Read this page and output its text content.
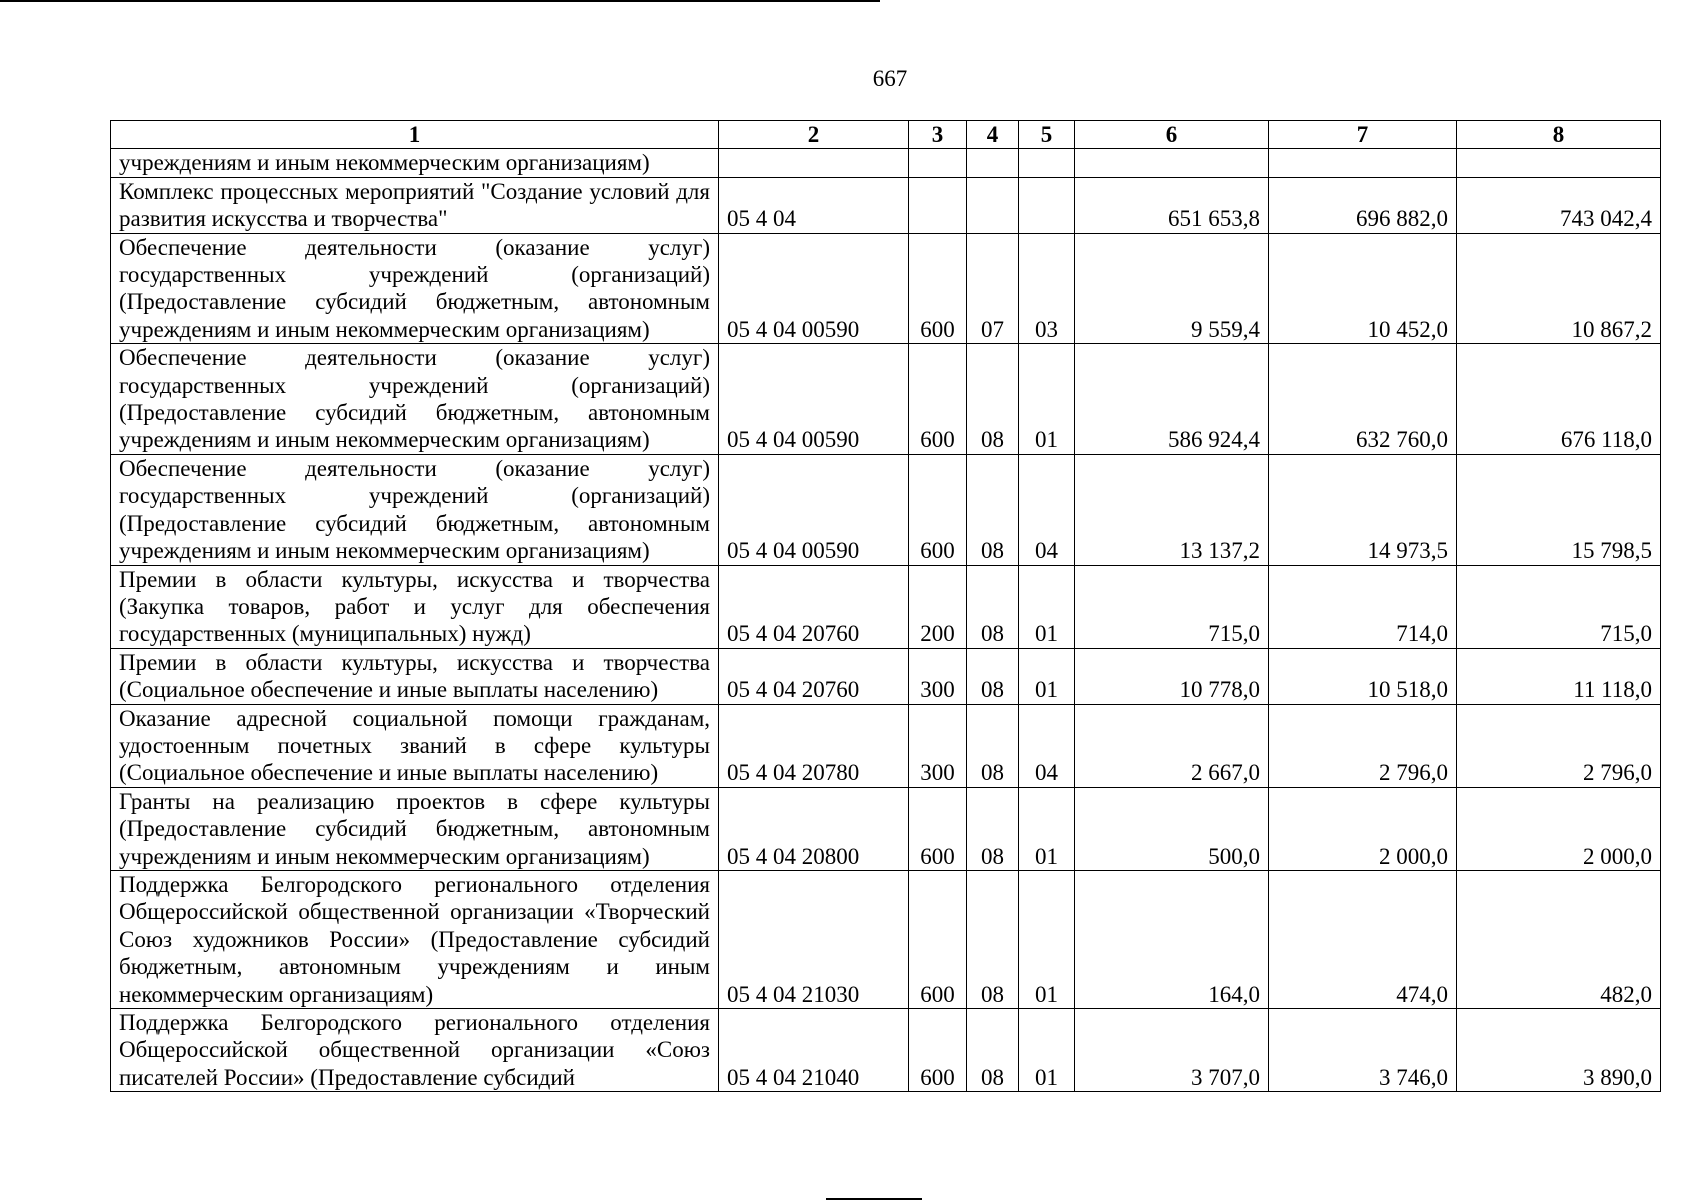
667
1	2	3	4	5	6	7	8

учреждениям и иным некоммерческим организациям)							

Комплекс процессных мероприятий "Создание условий для развития искусства и творчества"	05 4 04				651 653,8	696 882,0	743 042,4

Обеспечение деятельности (оказание услуг) государственных учреждений (организаций) (Предоставление субсидий бюджетным, автономным учреждениям и иным некоммерческим организациям)	05 4 04 00590	600	07	03	9 559,4	10 452,0	10 867,2

Обеспечение деятельности (оказание услуг) государственных учреждений (организаций) (Предоставление субсидий бюджетным, автономным учреждениям и иным некоммерческим организациям)	05 4 04 00590	600	08	01	586 924,4	632 760,0	676 118,0

Обеспечение деятельности (оказание услуг) государственных учреждений (организаций) (Предоставление субсидий бюджетным, автономным учреждениям и иным некоммерческим организациям)	05 4 04 00590	600	08	04	13 137,2	14 973,5	15 798,5

Премии в области культуры, искусства и творчества (Закупка товаров, работ и услуг для обеспечения государственных (муниципальных) нужд)	05 4 04 20760	200	08	01	715,0	714,0	715,0

Премии в области культуры, искусства и творчества (Социальное обеспечение и иные выплаты населению)	05 4 04 20760	300	08	01	10 778,0	10 518,0	11 118,0

Оказание адресной социальной помощи гражданам, удостоенным почетных званий в сфере культуры (Социальное обеспечение и иные выплаты населению)	05 4 04 20780	300	08	04	2 667,0	2 796,0	2 796,0

Гранты на реализацию проектов в сфере культуры (Предоставление субсидий бюджетным, автономным учреждениям и иным некоммерческим организациям)	05 4 04 20800	600	08	01	500,0	2 000,0	2 000,0

Поддержка Белгородского регионального отделения Общероссийской общественной организации «Творческий Союз художников России» (Предоставление субсидий бюджетным, автономным учреждениям и иным некоммерческим организациям)	05 4 04 21030	600	08	01	164,0	474,0	482,0

Поддержка Белгородского регионального отделения Общероссийской общественной организации «Союз писателей России» (Предоставление субсидий	05 4 04 21040	600	08	01	3 707,0	3 746,0	3 890,0
